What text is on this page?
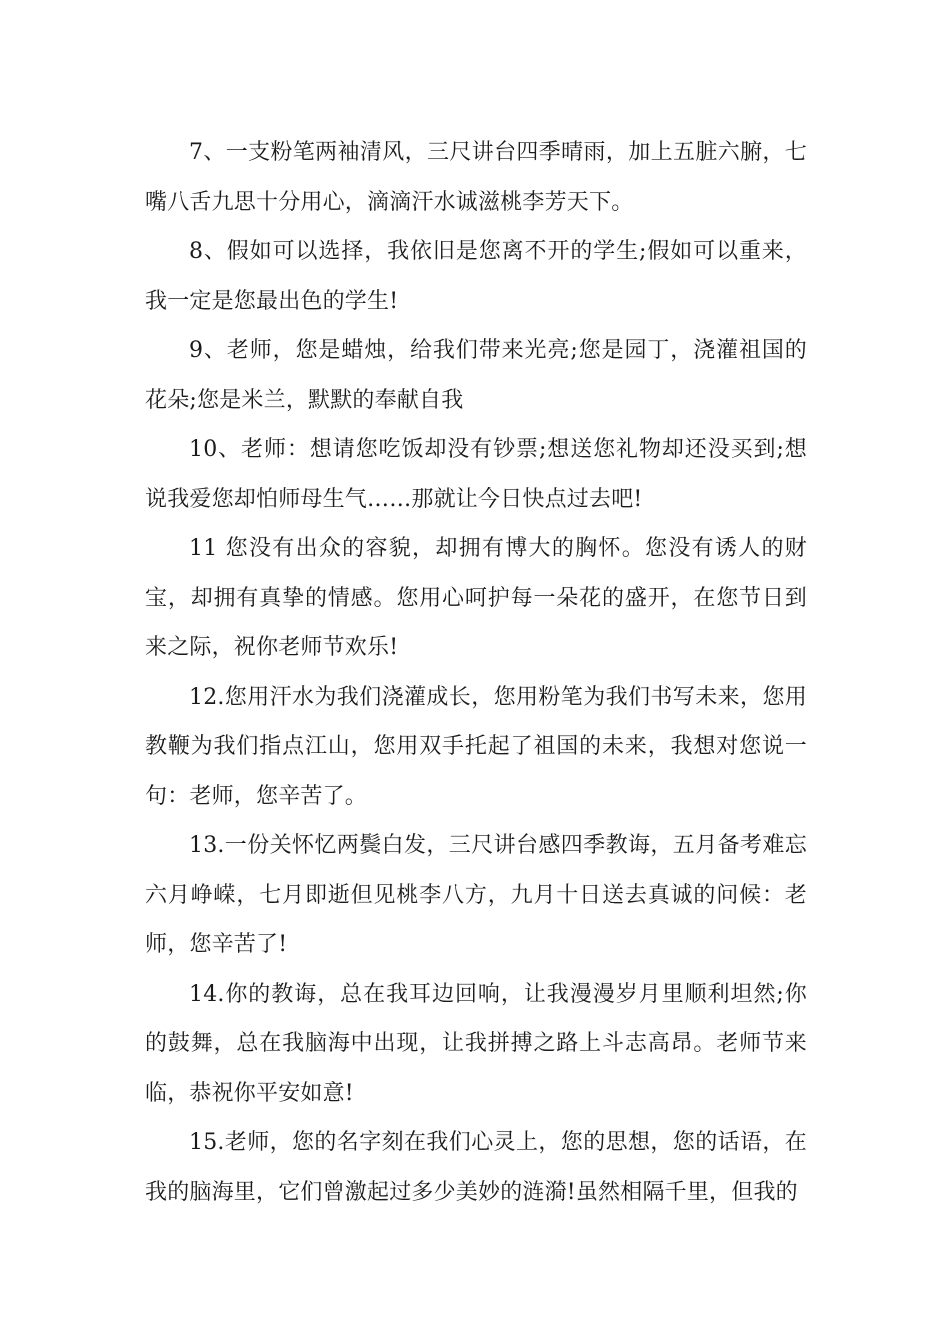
7、一支粉笔两袖清风，三尺讲台四季晴雨，加上五脏六腑，七嘴八舌九思十分用心，滴滴汗水诚滋桃李芳天下。

8、假如可以选择，我依旧是您离不开的学生;假如可以重来，我一定是您最出色的学生!

9、老师，您是蜡烛，给我们带来光亮;您是园丁，浇灌祖国的花朵;您是米兰，默默的奉献自我

10、老师：想请您吃饭却没有钞票;想送您礼物却还没买到;想说我爱您却怕师母生气……那就让今日快点过去吧!

11 您没有出众的容貌，却拥有博大的胸怀。您没有诱人的财宝，却拥有真挚的情感。您用心呵护每一朵花的盛开，在您节日到来之际，祝你老师节欢乐!

12.您用汗水为我们浇灌成长，您用粉笔为我们书写未来，您用教鞭为我们指点江山，您用双手托起了祖国的未来，我想对您说一句：老师，您辛苦了。

13.一份关怀忆两鬓白发，三尺讲台感四季教诲，五月备考难忘六月峥嵘，七月即逝但见桃李八方，九月十日送去真诚的问候：老师，您辛苦了!

14.你的教诲，总在我耳边回响，让我漫漫岁月里顺利坦然;你的鼓舞，总在我脑海中出现，让我拼搏之路上斗志高昂。老师节来临，恭祝你平安如意!

15.老师，您的名字刻在我们心灵上，您的思想，您的话语，在我的脑海里，它们曾激起过多少美妙的涟漪!虽然相隔千里，但我的
